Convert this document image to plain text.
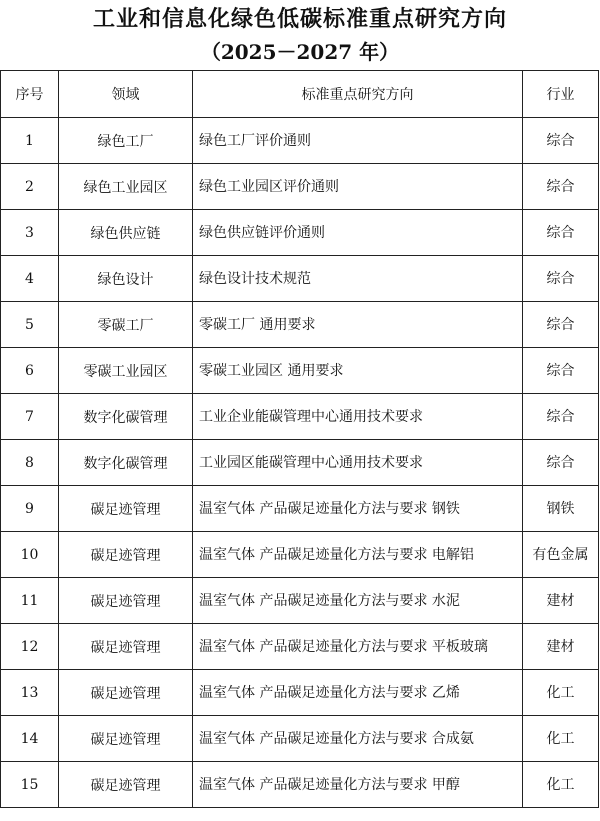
工业和信息化绿色低碳标准重点研究方向
（2025－2027 年）
序号	领域	标准重点研究方向	行业
1	绿色工厂	绿色工厂评价通则	综合
2	绿色工业园区	绿色工业园区评价通则	综合
3	绿色供应链	绿色供应链评价通则	综合
4	绿色设计	绿色设计技术规范	综合
5	零碳工厂	零碳工厂 通用要求	综合
6	零碳工业园区	零碳工业园区 通用要求	综合
7	数字化碳管理	工业企业能碳管理中心通用技术要求	综合
8	数字化碳管理	工业园区能碳管理中心通用技术要求	综合
9	碳足迹管理	温室气体 产品碳足迹量化方法与要求 钢铁	钢铁
10	碳足迹管理	温室气体 产品碳足迹量化方法与要求 电解铝	有色金属
11	碳足迹管理	温室气体 产品碳足迹量化方法与要求 水泥	建材
12	碳足迹管理	温室气体 产品碳足迹量化方法与要求 平板玻璃	建材
13	碳足迹管理	温室气体 产品碳足迹量化方法与要求 乙烯	化工
14	碳足迹管理	温室气体 产品碳足迹量化方法与要求 合成氨	化工
15	碳足迹管理	温室气体 产品碳足迹量化方法与要求 甲醇	化工
